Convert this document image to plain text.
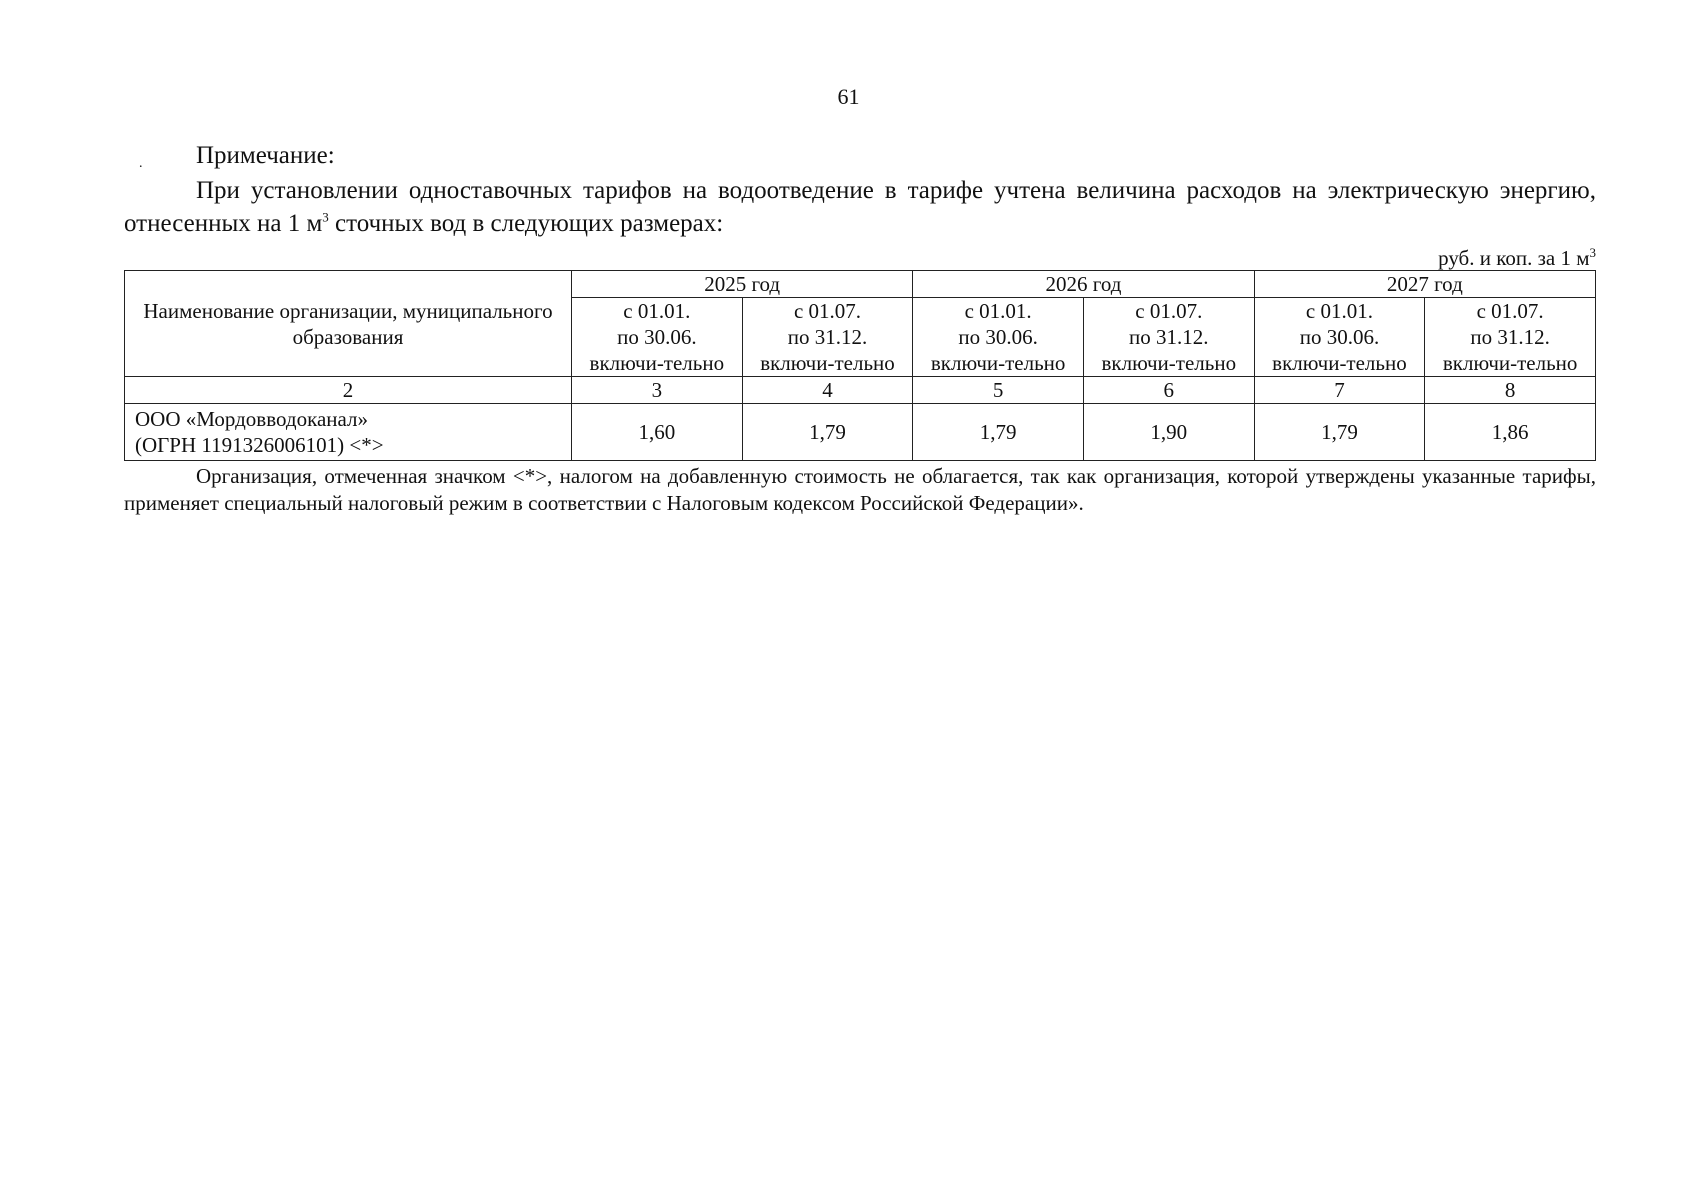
61
. Примечание:

При установлении одноставочных тарифов на водоотведение в тарифе учтена величина расходов на электрическую энергию, отнесенных на 1 $м^3$ сточных вод в следующих размерах:

руб. и коп. за 1 $м^3$
Наименование организации, муниципального образования	2025 год		2026 год		2027 год	

	с 01.01.
по 30.06.
включи-тельно	с 01.07.
по 31.12.
включи-тельно	с 01.01.
по 30.06.
включи-тельно	с 01.07.
по 31.12.
включи-тельно	с 01.01.
по 30.06.
включи-тельно	с 01.07.
по 31.12.
включи-тельно

2	3	4	5	6	7	8

ООО «Мордовводоканал»
(ОГРН 1191326006101) <*>	1,60	1,79	1,79	1,90	1,79	1,86
Организация, отмеченная значком <*>, налогом на добавленную стоимость не облагается, так как организация, которой утверждены указанные тарифы, применяет специальный налоговый режим в соответствии с Налоговым кодексом Российской Федерации».
